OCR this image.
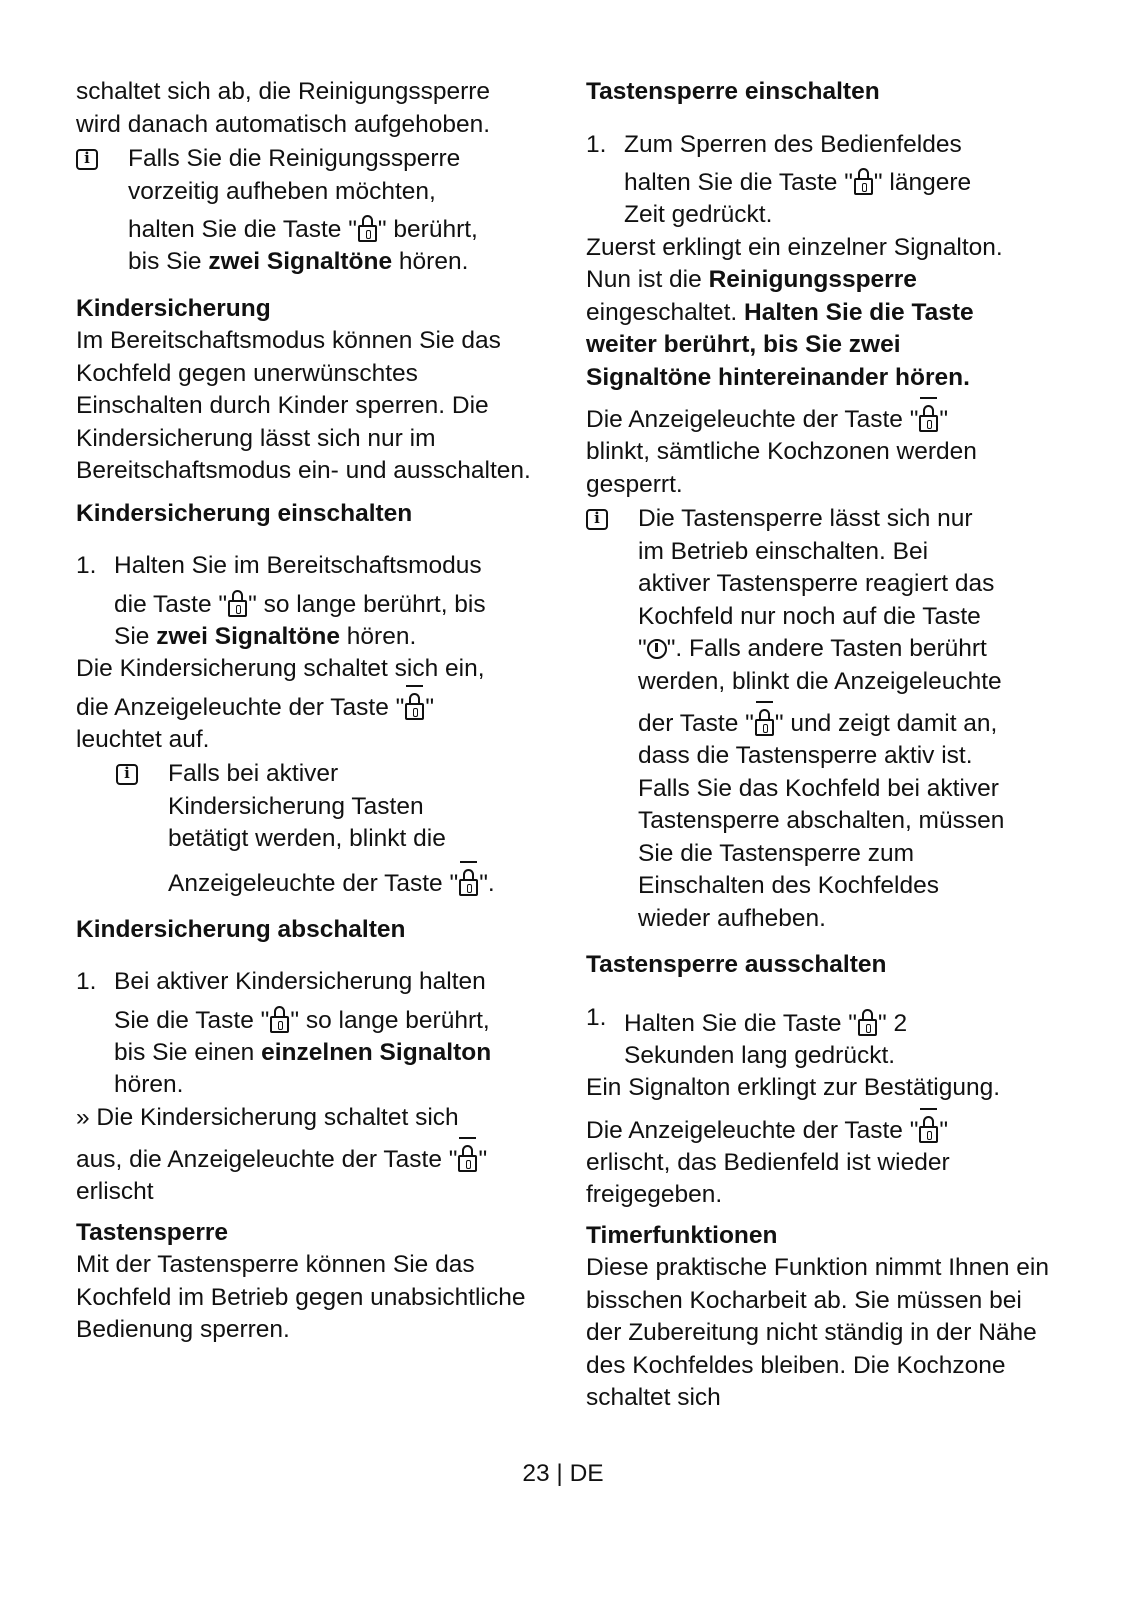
schaltet sich ab, die Reinigungssperre
wird danach automatisch aufgehoben.

i

Falls Sie die Reinigungssperre
vorzeitig aufheben möchten,

halten Sie die Taste " " berührt,

bis Sie zwei Signaltöne hören.

Kindersicherung

Im Bereitschaftsmodus können Sie das Kochfeld gegen unerwünschtes Einschalten durch Kinder sperren. Die Kindersicherung lässt sich nur im Bereitschaftsmodus ein- und ausschalten.

Kindersicherung einschalten

1. Halten Sie im Bereitschaftsmodus

die Taste " " so lange berührt, bis

Sie zwei Signaltöne hören.

Die Kindersicherung schaltet sich ein,

die Anzeigeleuchte der Taste " "

leuchtet auf.

i

Falls bei aktiver
Kindersicherung Tasten
betätigt werden, blinkt die

Anzeigeleuchte der Taste " ".

Kindersicherung abschalten

1. Bei aktiver Kindersicherung halten

Sie die Taste " " so lange berührt,

bis Sie einen einzelnen Signalton

hören.

» Die Kindersicherung schaltet sich

aus, die Anzeigeleuchte der Taste " "

erlischt

Tastensperre

Mit der Tastensperre können Sie das Kochfeld im Betrieb gegen unabsichtliche Bedienung sperren.

Tastensperre einschalten

1. Zum Sperren des Bedienfeldes

halten Sie die Taste " " längere

Zeit gedrückt.

Zuerst erklingt ein einzelner Signalton.

Nun ist die Reinigungssperre

eingeschaltet. Halten Sie die Taste

weiter berührt, bis Sie zwei

Signaltöne hintereinander hören.

Die Anzeigeleuchte der Taste " "

blinkt, sämtliche Kochzonen werden
gesperrt.

i

Die Tastensperre lässt sich nur
im Betrieb einschalten. Bei
aktiver Tastensperre reagiert das
Kochfeld nur noch auf die Taste

" ". Falls andere Tasten berührt

werden, blinkt die Anzeigeleuchte

der Taste " " und zeigt damit an,

dass die Tastensperre aktiv ist.
Falls Sie das Kochfeld bei aktiver
Tastensperre abschalten, müssen
Sie die Tastensperre zum
Einschalten des Kochfeldes
wieder aufheben.

Tastensperre ausschalten

1. Halten Sie die Taste " " 2

Sekunden lang gedrückt.

Ein Signalton erklingt zur Bestätigung.

Die Anzeigeleuchte der Taste " "

erlischt, das Bedienfeld ist wieder
freigegeben.

Timerfunktionen

Diese praktische Funktion nimmt Ihnen ein bisschen Kocharbeit ab. Sie müssen bei der Zubereitung nicht ständig in der Nähe des Kochfeldes bleiben. Die Kochzone schaltet sich

23 | DE
